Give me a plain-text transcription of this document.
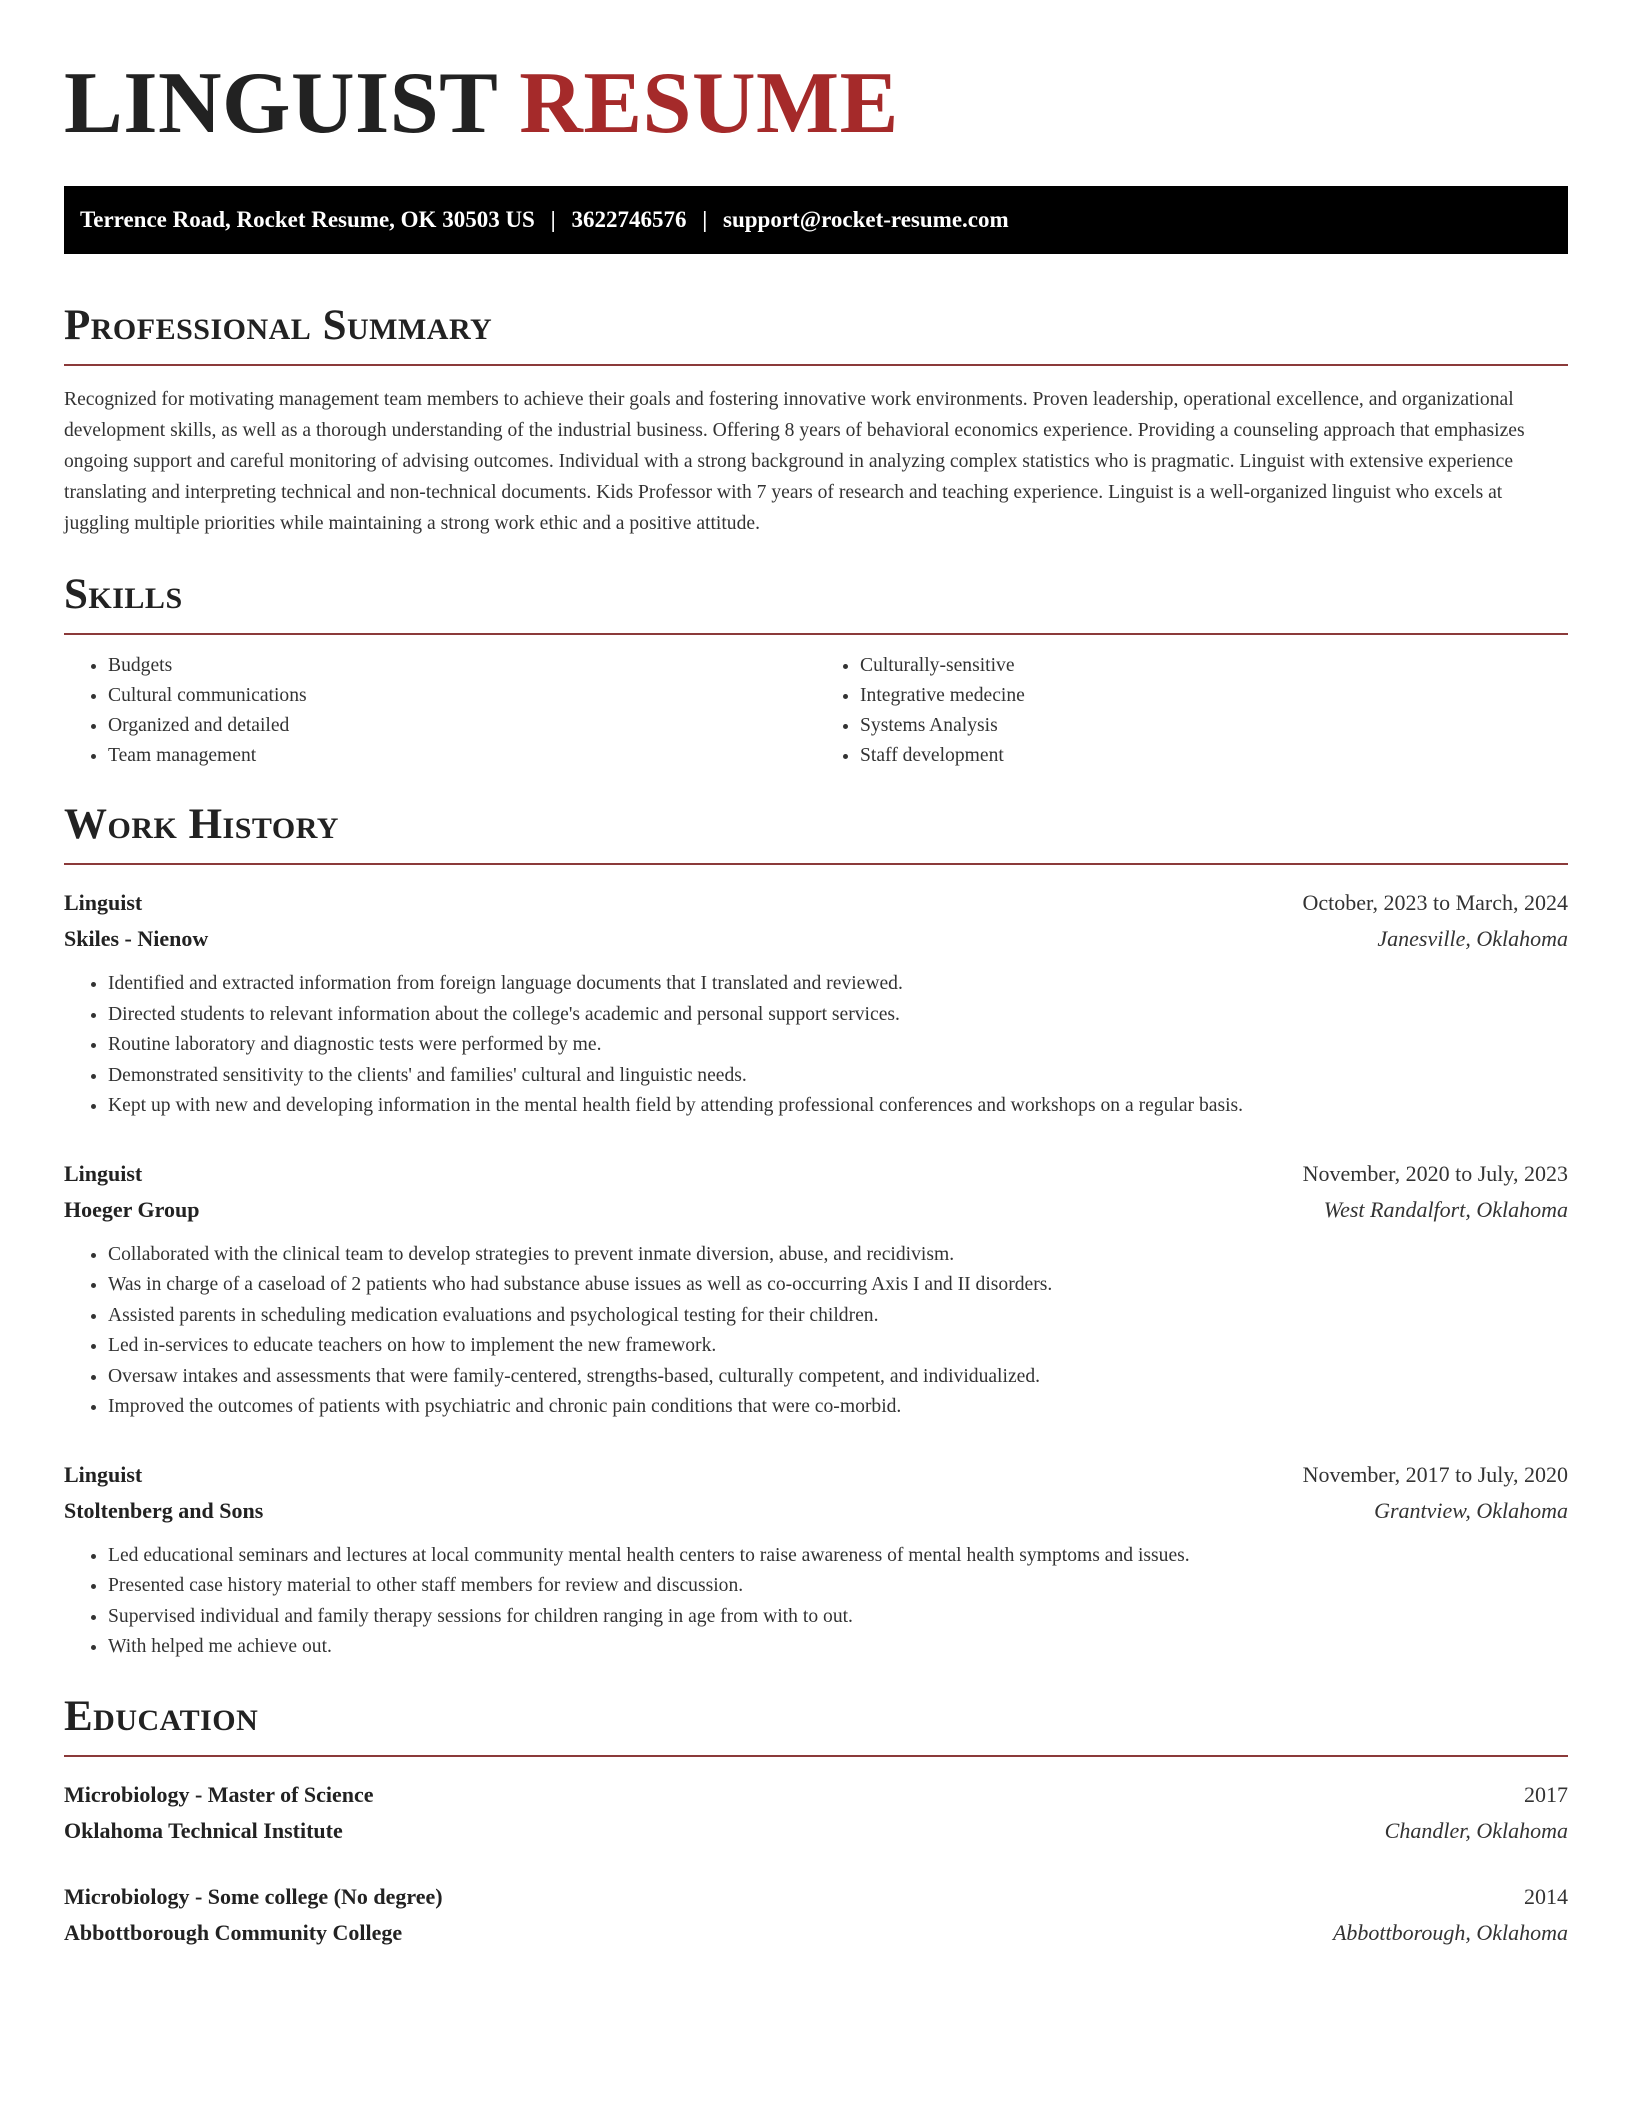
LINGUIST RESUME
Terrence Road, Rocket Resume, OK 30503 US | 3622746576 | support@rocket-resume.com
Professional Summary

Recognized for motivating management team members to achieve their goals and fostering innovative work environments. Proven leadership, operational excellence, and organizational development skills, as well as a thorough understanding of the industrial business. Offering 8 years of behavioral economics experience. Providing a counseling approach that emphasizes ongoing support and careful monitoring of advising outcomes. Individual with a strong background in analyzing complex statistics who is pragmatic. Linguist with extensive experience translating and interpreting technical and non-technical documents. Kids Professor with 7 years of research and teaching experience. Linguist is a well-organized linguist who excels at juggling multiple priorities while maintaining a strong work ethic and a positive attitude.

Skills
• Budgets
• Cultural communications
• Organized and detailed
• Team management
• Culturally-sensitive
• Integrative medecine
• Systems Analysis
• Staff development
Work History
Linguist	October, 2023 to March, 2024
Skiles - Nienow	Janesville, Oklahoma
• Identified and extracted information from foreign language documents that I translated and reviewed.
• Directed students to relevant information about the college's academic and personal support services.
• Routine laboratory and diagnostic tests were performed by me.
• Demonstrated sensitivity to the clients' and families' cultural and linguistic needs.
• Kept up with new and developing information in the mental health field by attending professional conferences and workshops on a regular basis.
Linguist	November, 2020 to July, 2023
Hoeger Group	West Randalfort, Oklahoma
• Collaborated with the clinical team to develop strategies to prevent inmate diversion, abuse, and recidivism.
• Was in charge of a caseload of 2 patients who had substance abuse issues as well as co-occurring Axis I and II disorders.
• Assisted parents in scheduling medication evaluations and psychological testing for their children.
• Led in-services to educate teachers on how to implement the new framework.
• Oversaw intakes and assessments that were family-centered, strengths-based, culturally competent, and individualized.
• Improved the outcomes of patients with psychiatric and chronic pain conditions that were co-morbid.
Linguist	November, 2017 to July, 2020
Stoltenberg and Sons	Grantview, Oklahoma
• Led educational seminars and lectures at local community mental health centers to raise awareness of mental health symptoms and issues.
• Presented case history material to other staff members for review and discussion.
• Supervised individual and family therapy sessions for children ranging in age from with to out.
• With helped me achieve out.
Education
Microbiology - Master of Science	2017
Oklahoma Technical Institute	Chandler, Oklahoma
Microbiology - Some college (No degree)	2014
Abbottborough Community College	Abbottborough, Oklahoma
